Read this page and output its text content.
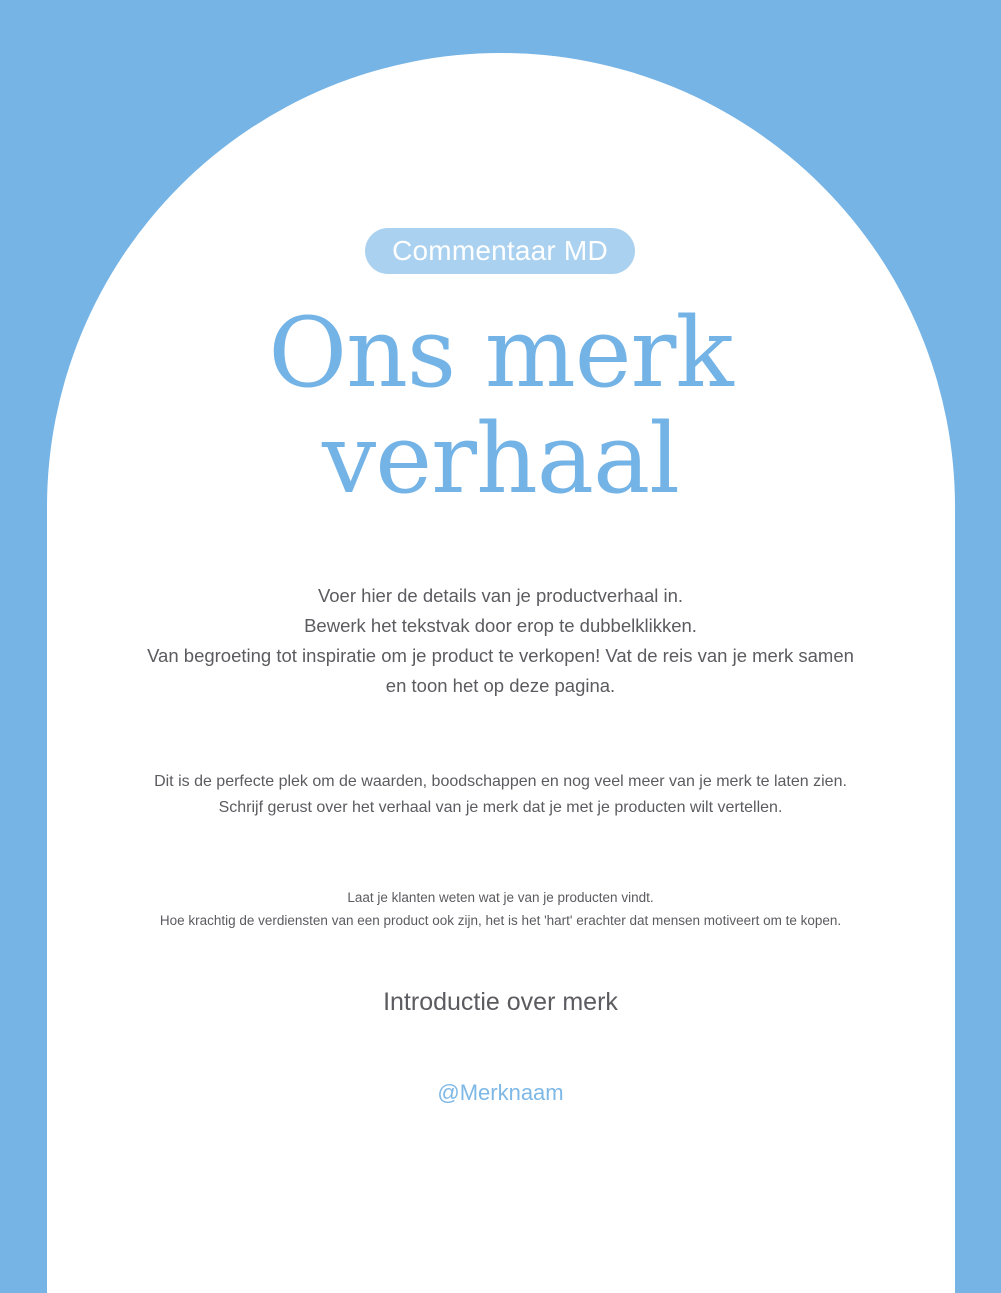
Commentaar MD
Ons merk
verhaal

Voer hier de details van je productverhaal in.
Bewerk het tekstvak door erop te dubbelklikken.
Van begroeting tot inspiratie om je product te verkopen! Vat de reis van je merk samen
en toon het op deze pagina.

Dit is de perfecte plek om de waarden, boodschappen en nog veel meer van je merk te laten zien.
Schrijf gerust over het verhaal van je merk dat je met je producten wilt vertellen.

Laat je klanten weten wat je van je producten vindt.
Hoe krachtig de verdiensten van een product ook zijn, het is het 'hart' erachter dat mensen motiveert om te kopen.

Introductie over merk
@Merknaam
